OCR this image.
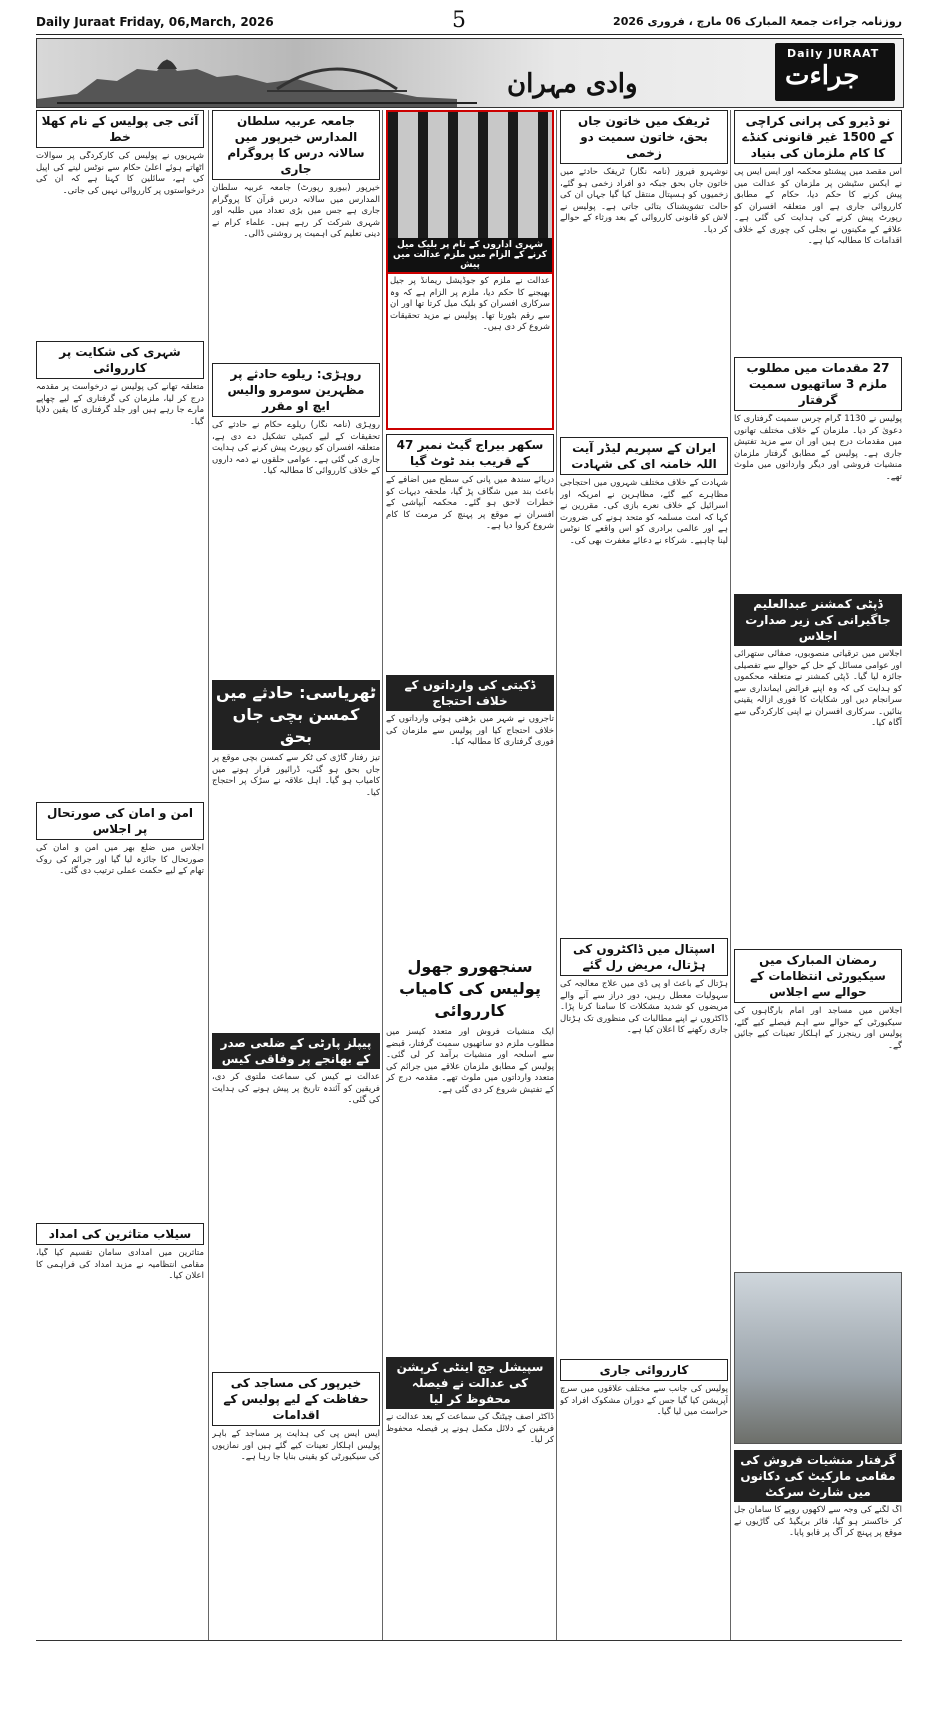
Daily Juraat Friday, 06,March, 2026	5	روزنامہ جراءت جمعۃ المبارک 06 مارچ ، فروری 2026
وادی مہران
Daily JURAAT
جراءت
نو ڈیرو کی پرانی کراچی کے 1500 غیر قانونی کنڈے کا کام ملزمان کی بنیاد
اس مقصد میں پیشنٹو محکمہ اور ایس ایس پی نے ایکس سٹیشن پر ملزمان کو عدالت میں پیش کرنے کا حکم دیا، حکام کے مطابق کارروائی جاری ہے اور متعلقہ افسران کو رپورٹ پیش کرنے کی ہدایت کی گئی ہے۔ علاقے کے مکینوں نے بجلی کی چوری کے خلاف اقدامات کا مطالبہ کیا ہے۔
27 مقدمات میں مطلوب ملزم 3 ساتھیوں سمیت گرفتار
پولیس نے 1130 گرام چرس سمیت گرفتاری کا دعویٰ کر دیا۔ ملزمان کے خلاف مختلف تھانوں میں مقدمات درج ہیں اور ان سے مزید تفتیش جاری ہے۔ پولیس کے مطابق گرفتار ملزمان منشیات فروشی اور دیگر وارداتوں میں ملوث تھے۔
ڈپٹی کمشنر عبدالعلیم جاگیرانی کی زیر صدارت اجلاس
اجلاس میں ترقیاتی منصوبوں، صفائی ستھرائی اور عوامی مسائل کے حل کے حوالے سے تفصیلی جائزہ لیا گیا۔ ڈپٹی کمشنر نے متعلقہ محکموں کو ہدایت کی کہ وہ اپنے فرائض ایمانداری سے سرانجام دیں اور شکایات کا فوری ازالہ یقینی بنائیں۔ سرکاری افسران نے اپنی کارکردگی سے آگاہ کیا۔
رمضان المبارک میں سیکیورٹی انتظامات کے حوالے سے اجلاس
اجلاس میں مساجد اور امام بارگاہوں کی سیکیورٹی کے حوالے سے اہم فیصلے کیے گئے، پولیس اور رینجرز کے اہلکار تعینات کیے جائیں گے۔
گرفتار منشیات فروش کی مقامی مارکیٹ کی دکانوں میں شارٹ سرکٹ
آگ لگنے کی وجہ سے لاکھوں روپے کا سامان جل کر خاکستر ہو گیا، فائر بریگیڈ کی گاڑیوں نے موقع پر پہنچ کر آگ پر قابو پایا۔
ٹریفک میں خاتون جاں بحق، خاتون سمیت دو زخمی
نوشہرو فیروز (نامہ نگار) ٹریفک حادثے میں خاتون جاں بحق جبکہ دو افراد زخمی ہو گئے، زخمیوں کو ہسپتال منتقل کیا گیا جہاں ان کی حالت تشویشناک بتائی جاتی ہے۔ پولیس نے لاش کو قانونی کارروائی کے بعد ورثاء کے حوالے کر دیا۔
ایران کے سپریم لیڈر آیت اللہ خامنہ ای کی شہادت
شہادت کے خلاف مختلف شہروں میں احتجاجی مظاہرے کیے گئے، مظاہرین نے امریکہ اور اسرائیل کے خلاف نعرے بازی کی۔ مقررین نے کہا کہ امت مسلمہ کو متحد ہونے کی ضرورت ہے اور عالمی برادری کو اس واقعے کا نوٹس لینا چاہیے۔ شرکاء نے دعائے مغفرت بھی کی۔
اسپتال میں ڈاکٹروں کی ہڑتال، مریض رل گئے
ہڑتال کے باعث او پی ڈی میں علاج معالجہ کی سہولیات معطل رہیں، دور دراز سے آنے والے مریضوں کو شدید مشکلات کا سامنا کرنا پڑا۔ ڈاکٹروں نے اپنے مطالبات کی منظوری تک ہڑتال جاری رکھنے کا اعلان کیا ہے۔
کارروائی جاری
پولیس کی جانب سے مختلف علاقوں میں سرچ آپریشن کیا گیا جس کے دوران مشکوک افراد کو حراست میں لیا گیا۔
شہری اداروں کے نام پر بلیک میل کرنے کے الزام میں ملزم عدالت میں پیش
عدالت نے ملزم کو جوڈیشل ریمانڈ پر جیل بھیجنے کا حکم دیا، ملزم پر الزام ہے کہ وہ سرکاری افسران کو بلیک میل کرتا تھا اور ان سے رقم بٹورتا تھا۔ پولیس نے مزید تحقیقات شروع کر دی ہیں۔
سکھر بیراج گیٹ نمبر 47 کے قریب بند ٹوٹ گیا
دریائے سندھ میں پانی کی سطح میں اضافے کے باعث بند میں شگاف پڑ گیا، ملحقہ دیہات کو خطرات لاحق ہو گئے۔ محکمہ آبپاشی کے افسران نے موقع پر پہنچ کر مرمت کا کام شروع کروا دیا ہے۔
ڈکیتی کی وارداتوں کے خلاف احتجاج
تاجروں نے شہر میں بڑھتی ہوئی وارداتوں کے خلاف احتجاج کیا اور پولیس سے ملزمان کی فوری گرفتاری کا مطالبہ کیا۔
سنجھورو جھول پولیس کی کامیاب کارروائی
ایک منشیات فروش اور متعدد کیسز میں مطلوب ملزم دو ساتھیوں سمیت گرفتار، قبضے سے اسلحہ اور منشیات برآمد کر لی گئی۔ پولیس کے مطابق ملزمان علاقے میں جرائم کی متعدد وارداتوں میں ملوث تھے۔ مقدمہ درج کر کے تفتیش شروع کر دی گئی ہے۔
سپیشل جج اینٹی کرپشن کی عدالت نے فیصلہ محفوظ کر لیا
ڈاکٹر آصف چیٹنگ کی سماعت کے بعد عدالت نے فریقین کے دلائل مکمل ہونے پر فیصلہ محفوظ کر لیا۔
جامعہ عربیہ سلطان المدارس خیرپور میں سالانہ درس کا پروگرام جاری
خیرپور (بیورو رپورٹ) جامعہ عربیہ سلطان المدارس میں سالانہ درس قرآن کا پروگرام جاری ہے جس میں بڑی تعداد میں طلبہ اور شہری شرکت کر رہے ہیں۔ علماء کرام نے دینی تعلیم کی اہمیت پر روشنی ڈالی۔
روہڑی: ریلوے حادثے پر مظہرین سومرو والیس ایچ او مقرر
روہڑی (نامہ نگار) ریلوے حکام نے حادثے کی تحقیقات کے لیے کمیٹی تشکیل دے دی ہے، متعلقہ افسران کو رپورٹ پیش کرنے کی ہدایت جاری کی گئی ہے۔ عوامی حلقوں نے ذمہ داروں کے خلاف کارروائی کا مطالبہ کیا۔
ٹھریاسی: حادثے میں کمسن بچی جاں بحق
تیز رفتار گاڑی کی ٹکر سے کمسن بچی موقع پر جاں بحق ہو گئی، ڈرائیور فرار ہونے میں کامیاب ہو گیا۔ اہل علاقہ نے سڑک پر احتجاج کیا۔
پیپلز پارٹی کے ضلعی صدر کے بھانجے پر وفاقی کیس
عدالت نے کیس کی سماعت ملتوی کر دی، فریقین کو آئندہ تاریخ پر پیش ہونے کی ہدایت کی گئی۔
خیرپور کی مساجد کی حفاظت کے لیے پولیس کے اقدامات
ایس ایس پی کی ہدایت پر مساجد کے باہر پولیس اہلکار تعینات کیے گئے ہیں اور نمازیوں کی سیکیورٹی کو یقینی بنایا جا رہا ہے۔
آئی جی پولیس کے نام کھلا خط
شہریوں نے پولیس کی کارکردگی پر سوالات اٹھاتے ہوئے اعلیٰ حکام سے نوٹس لینے کی اپیل کی ہے، سائلین کا کہنا ہے کہ ان کی درخواستوں پر کارروائی نہیں کی جاتی۔
شہری کی شکایت پر کارروائی
متعلقہ تھانے کی پولیس نے درخواست پر مقدمہ درج کر لیا، ملزمان کی گرفتاری کے لیے چھاپے مارے جا رہے ہیں اور جلد گرفتاری کا یقین دلایا گیا۔
امن و امان کی صورتحال پر اجلاس
اجلاس میں ضلع بھر میں امن و امان کی صورتحال کا جائزہ لیا گیا اور جرائم کی روک تھام کے لیے حکمت عملی ترتیب دی گئی۔
سیلاب متاثرین کی امداد
متاثرین میں امدادی سامان تقسیم کیا گیا، مقامی انتظامیہ نے مزید امداد کی فراہمی کا اعلان کیا۔
